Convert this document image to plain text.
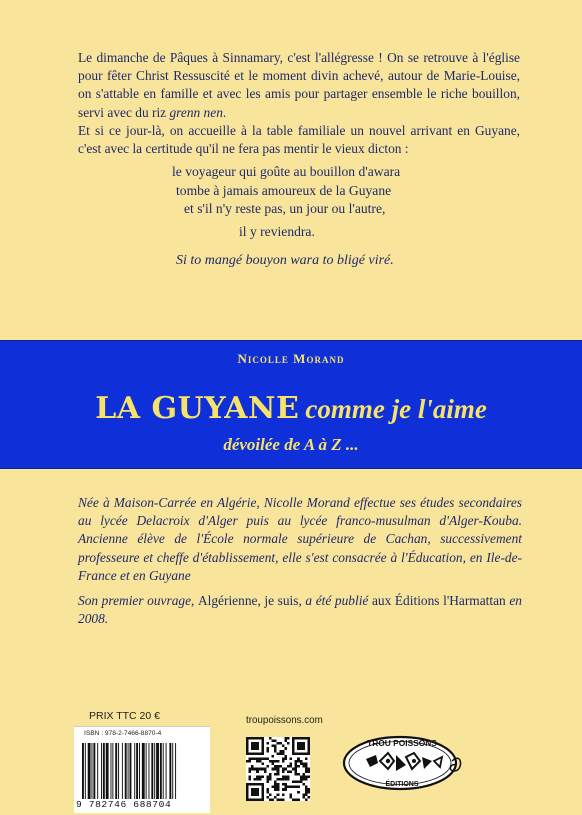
Le dimanche de Pâques à Sinnamary, c'est l'allégresse ! On se retrouve à l'église pour fêter Christ Ressuscité et le moment divin achevé, autour de Marie-Louise, on s'attable en famille et avec les amis pour partager ensemble le riche bouillon, servi avec du riz grenn nen.

Et si ce jour-là, on accueille à la table familiale un nouvel arrivant en Guyane, c'est avec la certitude qu'il ne fera pas mentir le vieux dicton :

le voyageur qui goûte au bouillon d'awara
tombe à jamais amoureux de la Guyane
et s'il n'y reste pas, un jour ou l'autre,
il y reviendra.
Si to mangé bouyon wara to bligé viré.
Nicolle Morand
LA GUYANE comme je l'aime
dévoilée de A à Z ...

Née à Maison-Carrée en Algérie, Nicolle Morand effectue ses études secondaires au lycée Delacroix d'Alger puis au lycée franco-musulman d'Alger-Kouba. Ancienne élève de l'École normale supérieure de Cachan, successivement professeure et cheffe d'établissement, elle s'est consacrée à l'Éducation, en Ile-de-France et en Guyane

Son premier ouvrage, Algérienne, je suis, a été publié aux Éditions l'Harmattan en 2008.

PRIX TTC 20 €
ISBN : 978-2-7466-8870-4
9 782746 688704
troupoissons.com
TROU POISSONS
ÉDITIONS
